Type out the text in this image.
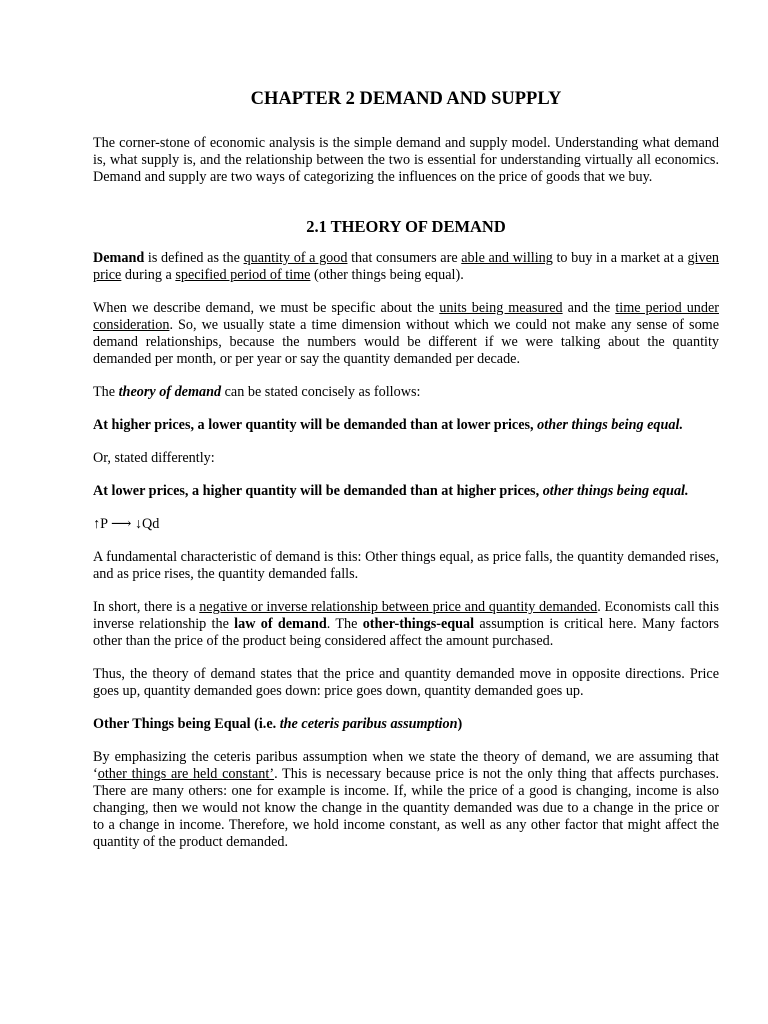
CHAPTER 2 DEMAND AND SUPPLY

The corner-stone of economic analysis is the simple demand and supply model. Understanding what demand is, what supply is, and the relationship between the two is essential for understanding virtually all economics. Demand and supply are two ways of categorizing the influences on the price of goods that we buy.

2.1 THEORY OF DEMAND

Demand is defined as the quantity of a good that consumers are able and willing to buy in a market at a given price during a specified period of time (other things being equal).

When we describe demand, we must be specific about the units being measured and the time period under consideration. So, we usually state a time dimension without which we could not make any sense of some demand relationships, because the numbers would be different if we were talking about the quantity demanded per month, or per year or say the quantity demanded per decade.

The theory of demand can be stated concisely as follows:

At higher prices, a lower quantity will be demanded than at lower prices, other things being equal.

Or, stated differently:

At lower prices, a higher quantity will be demanded than at higher prices, other things being equal.

↑P ⟶ ↓Qd

A fundamental characteristic of demand is this: Other things equal, as price falls, the quantity demanded rises, and as price rises, the quantity demanded falls.

In short, there is a negative or inverse relationship between price and quantity demanded. Economists call this inverse relationship the law of demand. The other-things-equal assumption is critical here. Many factors other than the price of the product being considered affect the amount purchased.

Thus, the theory of demand states that the price and quantity demanded move in opposite directions. Price goes up, quantity demanded goes down: price goes down, quantity demanded goes up.

Other Things being Equal (i.e. the ceteris paribus assumption)

By emphasizing the ceteris paribus assumption when we state the theory of demand, we are assuming that ‘other things are held constant’. This is necessary because price is not the only thing that affects purchases. There are many others: one for example is income. If, while the price of a good is changing, income is also changing, then we would not know the change in the quantity demanded was due to a change in the price or to a change in income. Therefore, we hold income constant, as well as any other factor that might affect the quantity of the product demanded.
